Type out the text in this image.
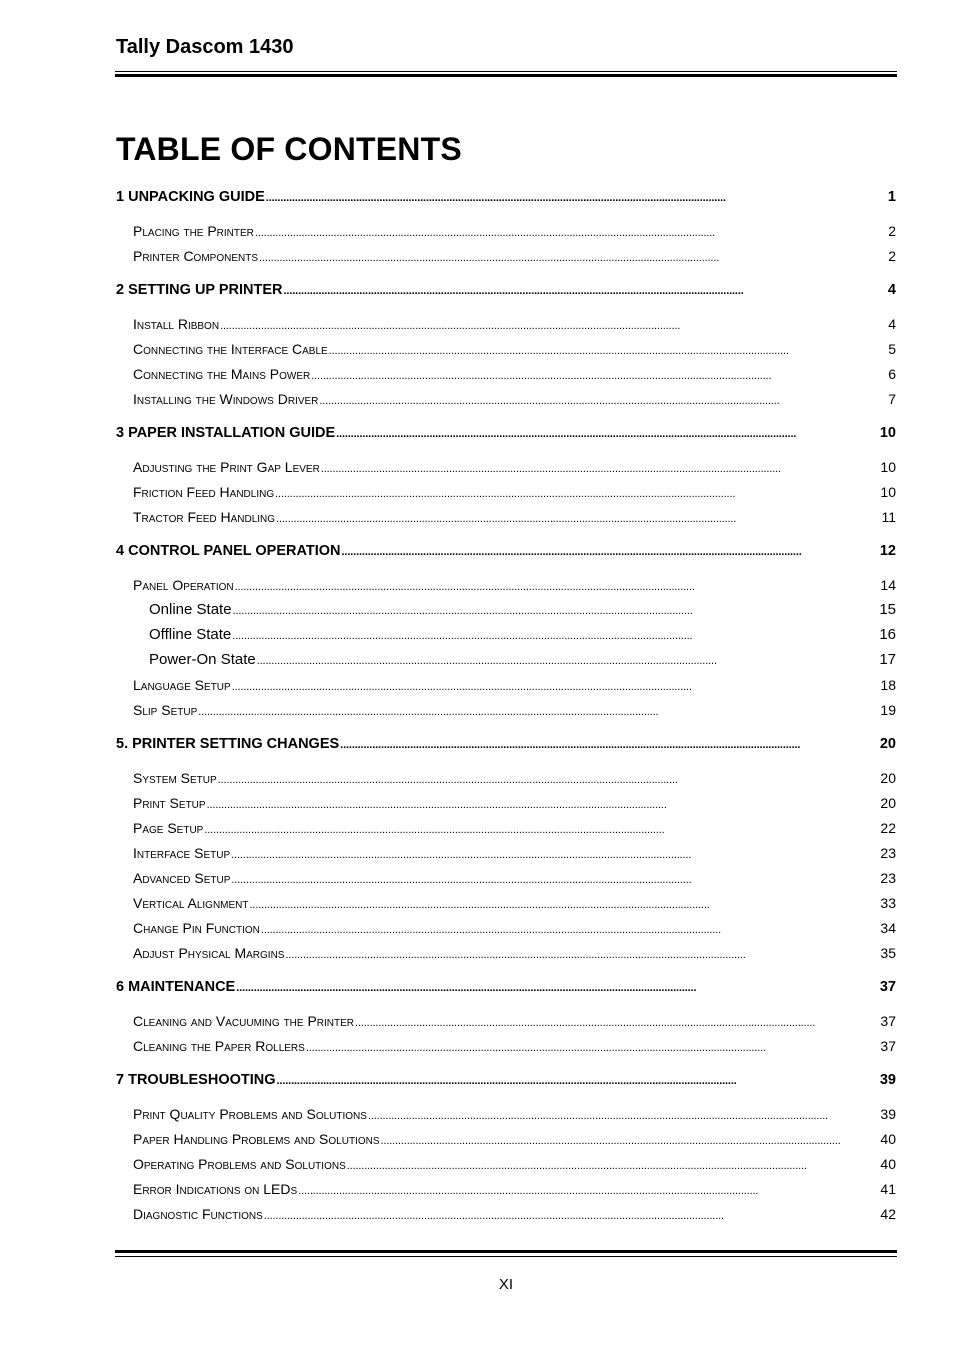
Tally Dascom 1430
TABLE OF CONTENTS
1 UNPACKING GUIDE . . .	1
Placing the Printer . . .	2
Printer Components . . .	2
2 SETTING UP PRINTER . . .	4
Install Ribbon . . .	4
Connecting the Interface Cable . . .	5
Connecting the Mains Power . . .	6
Installing the Windows Driver . . .	7
3 PAPER INSTALLATION GUIDE . . .	10
Adjusting the Print Gap Lever . . .	10
Friction Feed Handling . . .	10
Tractor Feed Handling . . .	11
4 CONTROL PANEL OPERATION . . .	12
Panel Operation . . .	14
Online State . . .	15
Offline State . . .	16
Power-On State . . .	17
Language Setup . . .	18
Slip Setup . . .	19
5. PRINTER SETTING CHANGES . . .	20
System Setup . . .	20
Print Setup . . .	20
Page Setup . . .	22
Interface Setup . . .	23
Advanced Setup . . .	23
Vertical Alignment . . .	33
Change Pin Function . . .	34
Adjust Physical Margins . . .	35
6 MAINTENANCE . . .	37
Cleaning and Vacuuming the Printer . . .	37
Cleaning the Paper Rollers . . .	37
7 TROUBLESHOOTING . . .	39
Print Quality Problems and Solutions . . .	39
Paper Handling Problems and Solutions . . .	40
Operating Problems and Solutions . . .	40
Error Indications on LEDs . . .	41
Diagnostic Functions . . .	42
XI
